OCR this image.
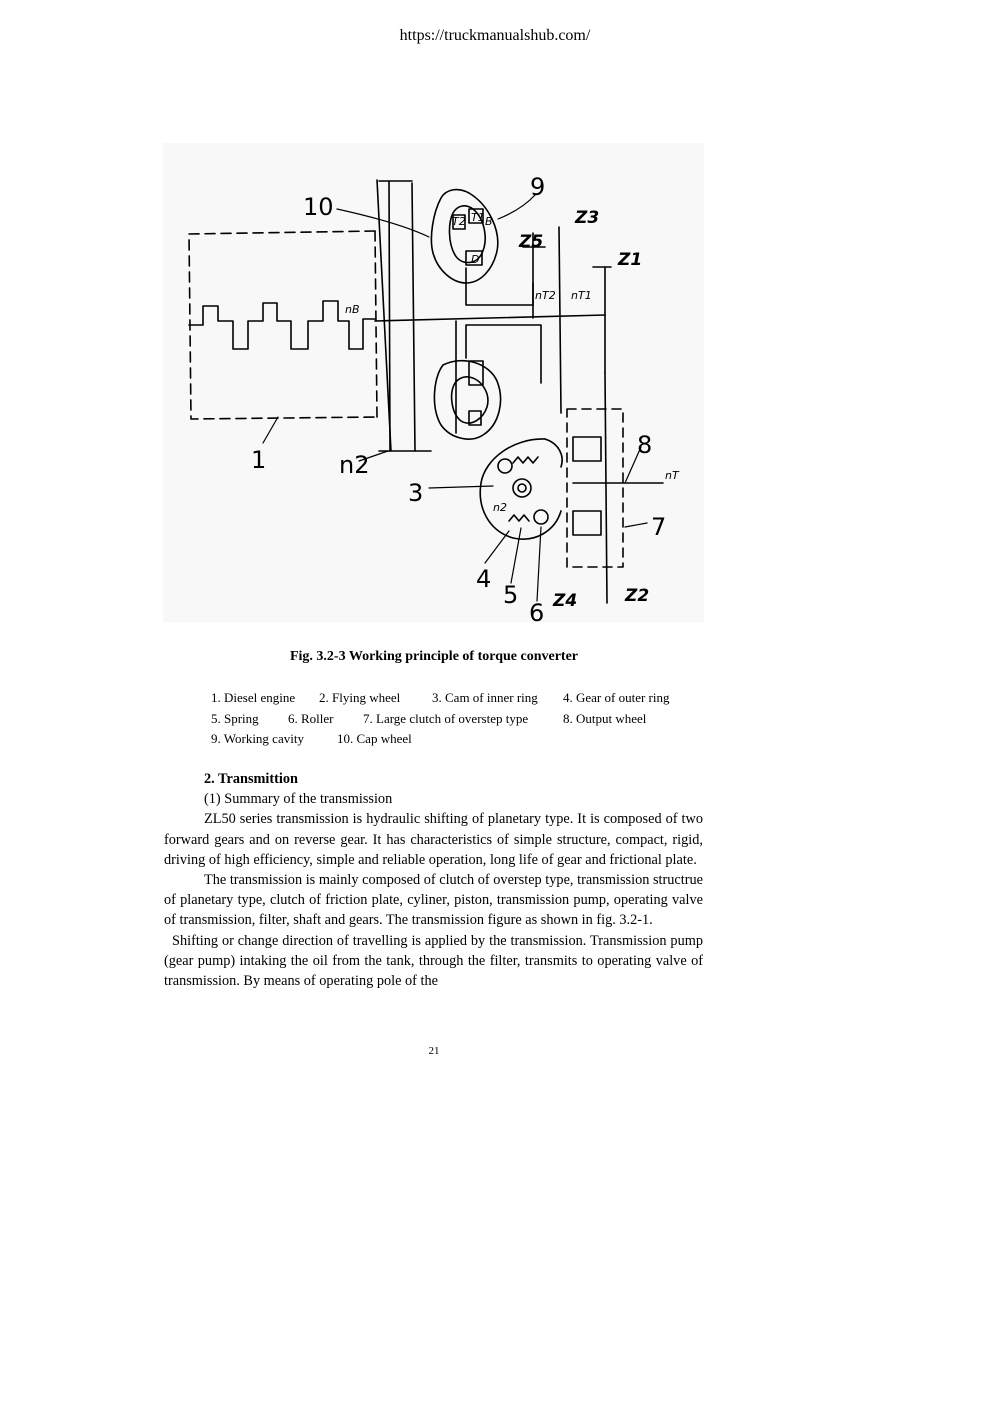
https://truckmanualshub.com/
10
9
1	n2
3
4
5
6
7
8
Z3
Z1
Z5
Z4	Z2
nB
nT
nT1
nT2
n2
T1
T2 B
D
Fig. 3.2-3 Working principle of torque converter
1. Diesel engine	2. Flying wheel	3. Cam of inner ring	4. Gear of outer ring
5. Spring	6. Roller	7. Large clutch of overstep type	8. Output wheel
9. Working cavity	10. Cap wheel
2. Transmittion
(1) Summary of the transmission

ZL50 series transmission is hydraulic shifting of planetary type. It is composed of two forward gears and on reverse gear. It has characteristics of simple structure, compact, rigid, driving of high efficiency, simple and reliable operation, long life of gear and frictional plate.

The transmission is mainly composed of clutch of overstep type, transmission structrue of planetary type, clutch of friction plate, cyliner, piston, transmission pump, operating valve of transmission, filter, shaft and gears. The transmission figure as shown in fig. 3.2-1.

Shifting or change direction of travelling is applied by the transmission. Transmission pump (gear pump) intaking the oil from the tank, through the filter, transmits to operating valve of transmission. By means of operating pole of the

21
